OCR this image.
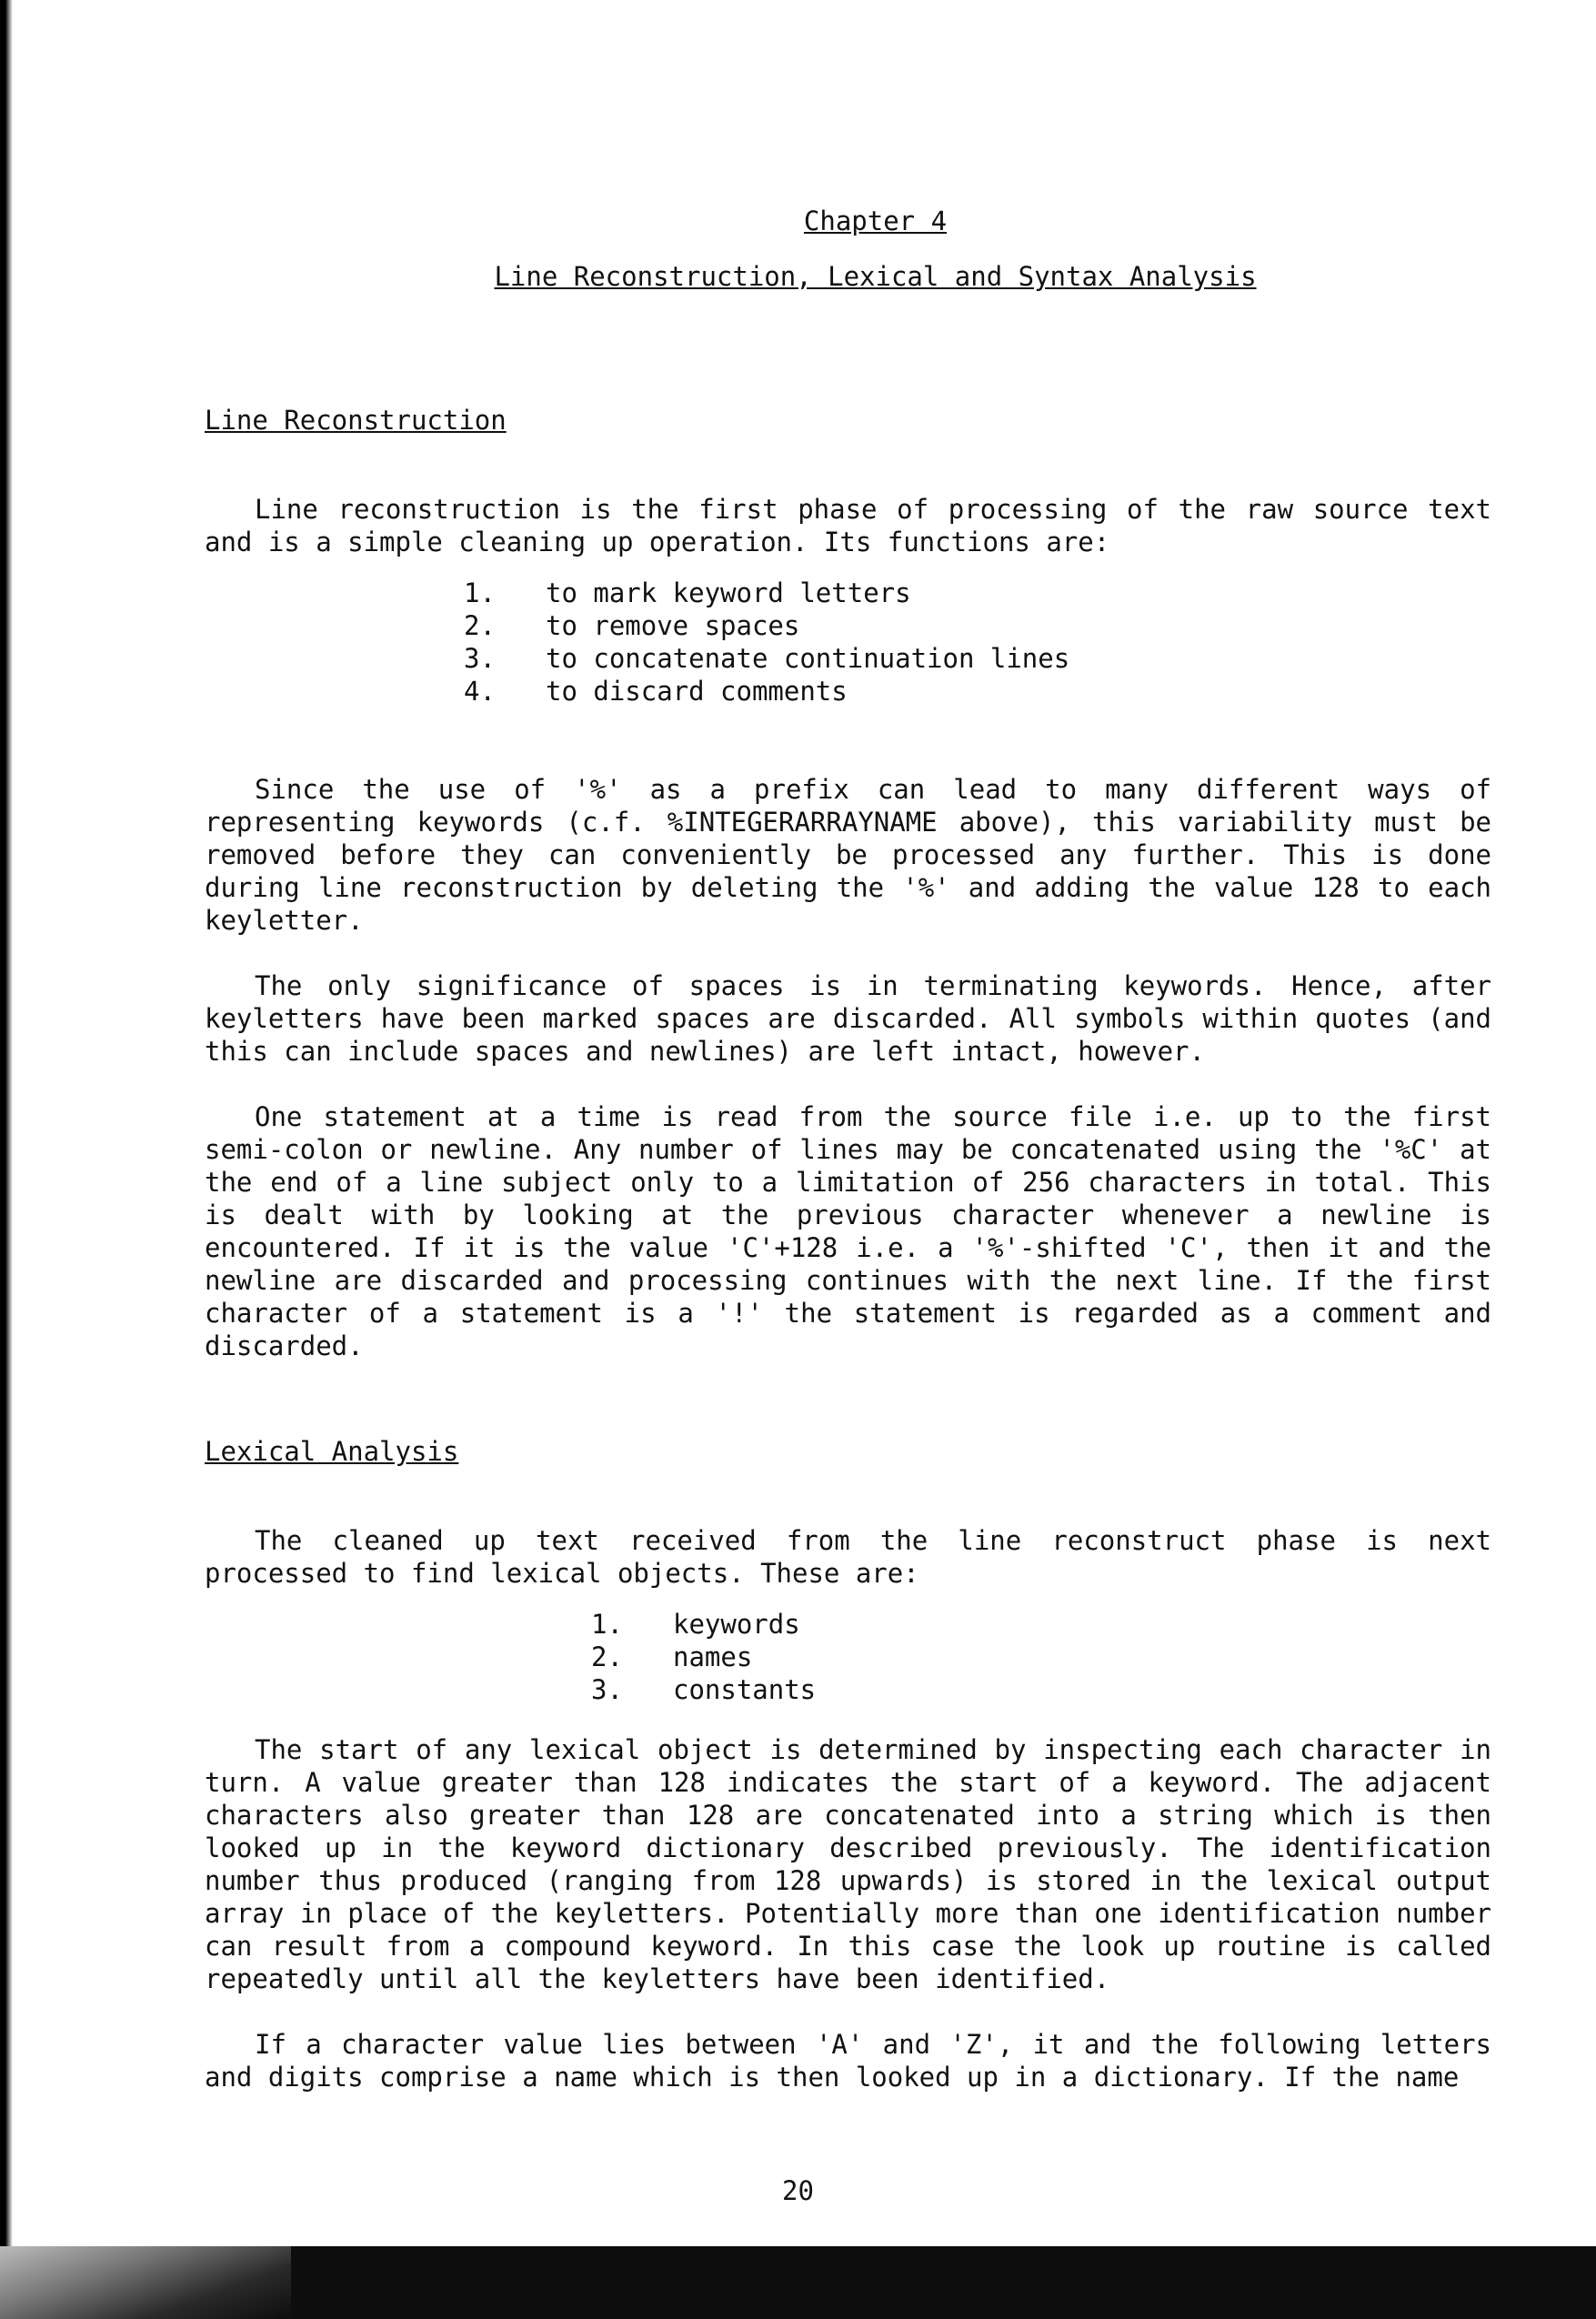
Chapter 4
Line Reconstruction, Lexical and Syntax Analysis
Line Reconstruction

Line reconstruction is the first phase of processing of the raw source text and is a simple cleaning up operation. Its functions are:

1.	to mark keyword letters
2.	to remove spaces
3.	to concatenate continuation lines
4.	to discard comments

Since the use of '%' as a prefix can lead to many different ways of representing keywords (c.f. %INTEGERARRAYNAME above), this variability must be removed before they can conveniently be processed any further. This is done during line reconstruction by deleting the '%' and adding the value 128 to each keyletter.

The only significance of spaces is in terminating keywords. Hence, after keyletters have been marked spaces are discarded. All symbols within quotes (and this can include spaces and newlines) are left intact, however.

One statement at a time is read from the source file i.e. up to the first semi-colon or newline. Any number of lines may be concatenated using the '%C' at the end of a line subject only to a limitation of 256 characters in total. This is dealt with by looking at the previous character whenever a newline is encountered. If it is the value 'C'+128 i.e. a '%'-shifted 'C', then it and the newline are discarded and processing continues with the next line. If the first character of a statement is a '!' the statement is regarded as a comment and discarded.

Lexical Analysis

The cleaned up text received from the line reconstruct phase is next processed to find lexical objects. These are:

1.	keywords
2.	names
3.	constants

The start of any lexical object is determined by inspecting each character in turn. A value greater than 128 indicates the start of a keyword. The adjacent characters also greater than 128 are concatenated into a string which is then looked up in the keyword dictionary described previously. The identification number thus produced (ranging from 128 upwards) is stored in the lexical output array in place of the keyletters. Potentially more than one identification number can result from a compound keyword. In this case the look up routine is called repeatedly until all the keyletters have been identified.

If a character value lies between 'A' and 'Z', it and the following letters and digits comprise a name which is then looked up in a dictionary. If the name

20
